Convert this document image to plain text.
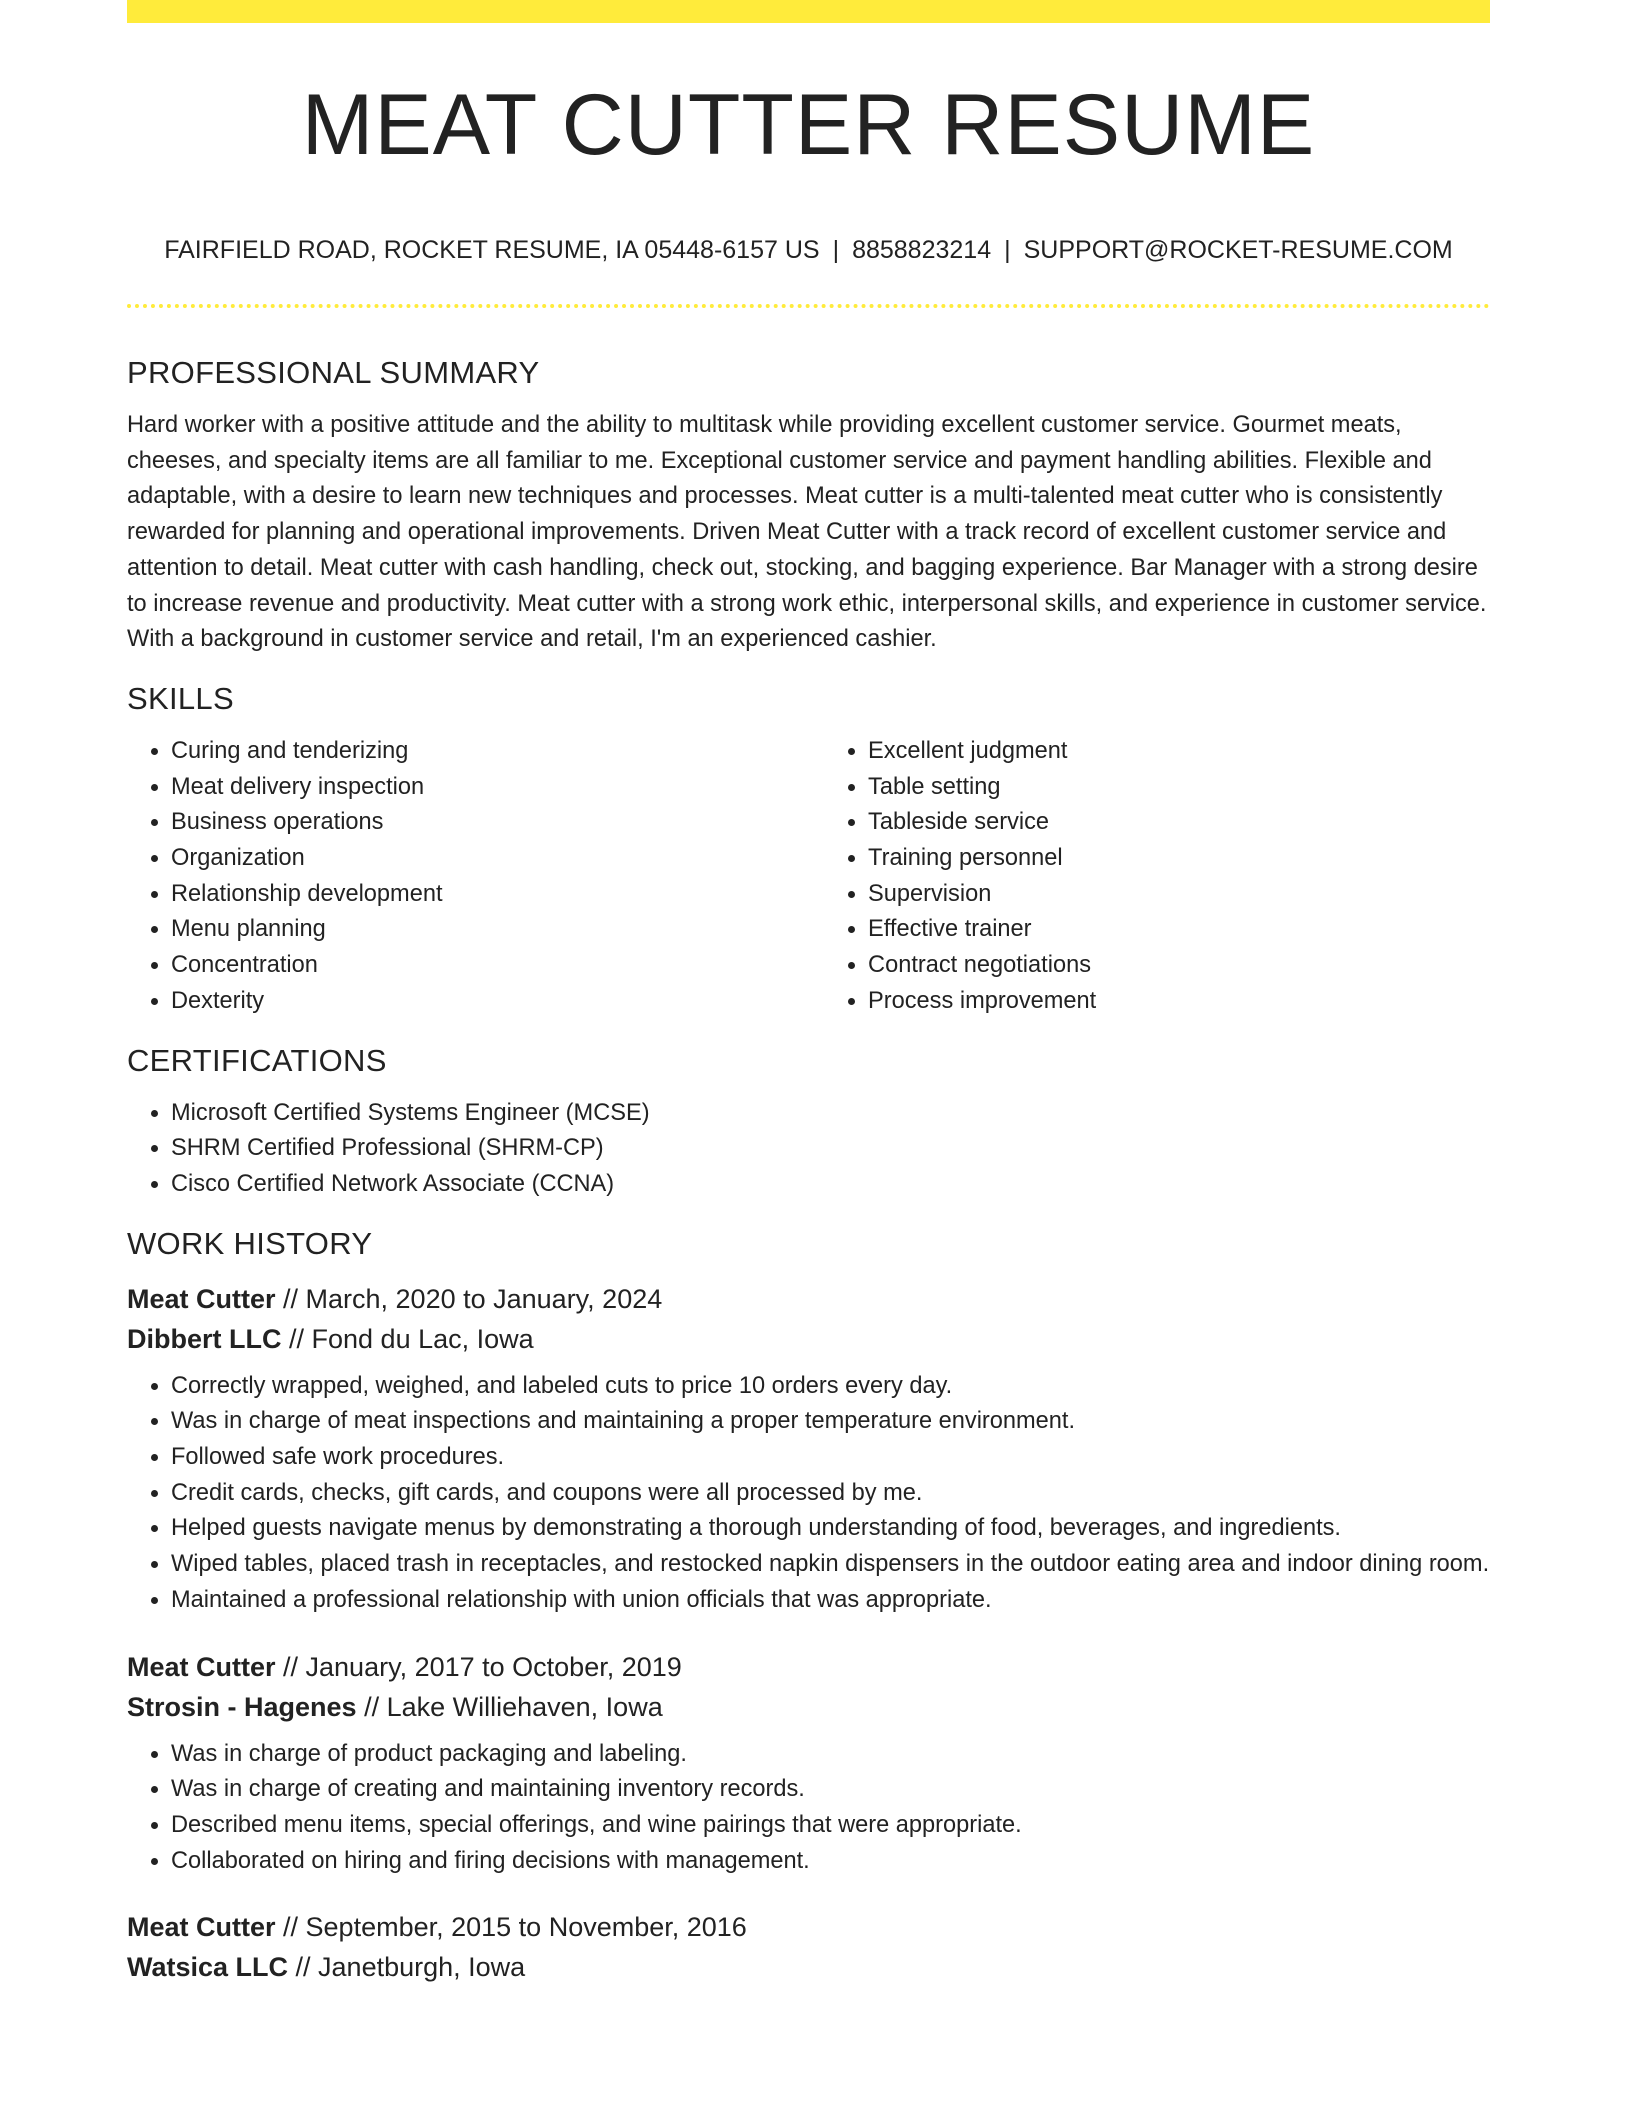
MEAT CUTTER RESUME
FAIRFIELD ROAD, ROCKET RESUME, IA 05448-6157 US | 8858823214 | SUPPORT@ROCKET-RESUME.COM
PROFESSIONAL SUMMARY

Hard worker with a positive attitude and the ability to multitask while providing excellent customer service. Gourmet meats, cheeses, and specialty items are all familiar to me. Exceptional customer service and payment handling abilities. Flexible and adaptable, with a desire to learn new techniques and processes. Meat cutter is a multi-talented meat cutter who is consistently rewarded for planning and operational improvements. Driven Meat Cutter with a track record of excellent customer service and attention to detail. Meat cutter with cash handling, check out, stocking, and bagging experience. Bar Manager with a strong desire to increase revenue and productivity. Meat cutter with a strong work ethic, interpersonal skills, and experience in customer service. With a background in customer service and retail, I'm an experienced cashier.

SKILLS
• Curing and tenderizing
• Meat delivery inspection
• Business operations
• Organization
• Relationship development
• Menu planning
• Concentration
• Dexterity
• Excellent judgment
• Table setting
• Tableside service
• Training personnel
• Supervision
• Effective trainer
• Contract negotiations
• Process improvement
CERTIFICATIONS
• Microsoft Certified Systems Engineer (MCSE)
• SHRM Certified Professional (SHRM-CP)
• Cisco Certified Network Associate (CCNA)
WORK HISTORY
Meat Cutter // March, 2020 to January, 2024
Dibbert LLC // Fond du Lac, Iowa
• Correctly wrapped, weighed, and labeled cuts to price 10 orders every day.
• Was in charge of meat inspections and maintaining a proper temperature environment.
• Followed safe work procedures.
• Credit cards, checks, gift cards, and coupons were all processed by me.
• Helped guests navigate menus by demonstrating a thorough understanding of food, beverages, and ingredients.
• Wiped tables, placed trash in receptacles, and restocked napkin dispensers in the outdoor eating area and indoor dining room.
• Maintained a professional relationship with union officials that was appropriate.
Meat Cutter // January, 2017 to October, 2019
Strosin - Hagenes // Lake Williehaven, Iowa
• Was in charge of product packaging and labeling.
• Was in charge of creating and maintaining inventory records.
• Described menu items, special offerings, and wine pairings that were appropriate.
• Collaborated on hiring and firing decisions with management.
Meat Cutter // September, 2015 to November, 2016
Watsica LLC // Janetburgh, Iowa
